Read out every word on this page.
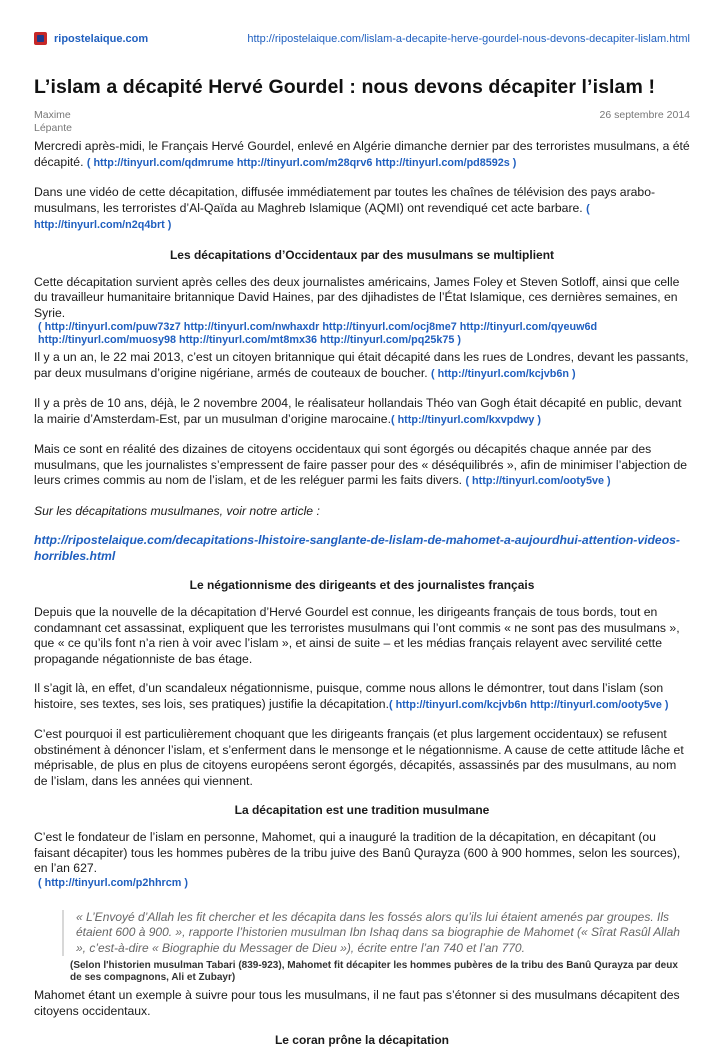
ripostelaique.com	http://ripostelaique.com/lislam-a-decapite-herve-gourdel-nous-devons-decapiter-lislam.html
L’islam a décapité Hervé Gourdel : nous devons décapiter l’islam !
Maxime Lépante
26 septembre 2014

Mercredi après-midi, le Français Hervé Gourdel, enlevé en Algérie dimanche dernier par des terroristes musulmans, a été décapité. ( http://tinyurl.com/qdmrume http://tinyurl.com/m28qrv6 http://tinyurl.com/pd8592s )

Dans une vidéo de cette décapitation, diffusée immédiatement par toutes les chaînes de télévision des pays arabo-musulmans, les terroristes d’Al-Qaïda au Maghreb Islamique (AQMI) ont revendiqué cet acte barbare. ( http://tinyurl.com/n2q4brt )

Les décapitations d’Occidentaux par des musulmans se multiplient

Cette décapitation survient après celles des deux journalistes américains, James Foley et Steven Sotloff, ainsi que celle du travailleur humanitaire britannique David Haines, par des djihadistes de l’État Islamique, ces dernières semaines, en Syrie.
( http://tinyurl.com/puw73z7 http://tinyurl.com/nwhaxdr http://tinyurl.com/ocj8me7 http://tinyurl.com/qyeuw6d
http://tinyurl.com/muosy98 http://tinyurl.com/mt8mx36 http://tinyurl.com/pq25k75 )

Il y a un an, le 22 mai 2013, c’est un citoyen britannique qui était décapité dans les rues de Londres, devant les passants, par deux musulmans d’origine nigériane, armés de couteaux de boucher. ( http://tinyurl.com/kcjvb6n )

Il y a près de 10 ans, déjà, le 2 novembre 2004, le réalisateur hollandais Théo van Gogh était décapité en public, devant la mairie d’Amsterdam-Est, par un musulman d’origine marocaine.( http://tinyurl.com/kxvpdwy )

Mais ce sont en réalité des dizaines de citoyens occidentaux qui sont égorgés ou décapités chaque année par des musulmans, que les journalistes s’empressent de faire passer pour des « déséquilibrés », afin de minimiser l’abjection de leurs crimes commis au nom de l’islam, et de les reléguer parmi les faits divers. ( http://tinyurl.com/ooty5ve )

Sur les décapitations musulmanes, voir notre article :

http://ripostelaique.com/decapitations-lhistoire-sanglante-de-lislam-de-mahomet-a-aujourdhui-attention-videos-horribles.html

Le négationnisme des dirigeants et des journalistes français

Depuis que la nouvelle de la décapitation d’Hervé Gourdel est connue, les dirigeants français de tous bords, tout en condamnant cet assassinat, expliquent que les terroristes musulmans qui l’ont commis « ne sont pas des musulmans », que « ce qu’ils font n’a rien à voir avec l’islam », et ainsi de suite – et les médias français relayent avec servilité cette propagande négationniste de bas étage.

Il s’agit là, en effet, d’un scandaleux négationnisme, puisque, comme nous allons le démontrer, tout dans l’islam (son histoire, ses textes, ses lois, ses pratiques) justifie la décapitation.( http://tinyurl.com/kcjvb6n http://tinyurl.com/ooty5ve )

C’est pourquoi il est particulièrement choquant que les dirigeants français (et plus largement occidentaux) se refusent obstinément à dénoncer l’islam, et s’enferment dans le mensonge et le négationnisme. A cause de cette attitude lâche et méprisable, de plus en plus de citoyens européens seront égorgés, décapités, assassinés par des musulmans, au nom de l’islam, dans les années qui viennent.

La décapitation est une tradition musulmane

C’est le fondateur de l’islam en personne, Mahomet, qui a inauguré la tradition de la décapitation, en décapitant (ou faisant décapiter) tous les hommes pubères de la tribu juive des Banû Qurayza (600 à 900 hommes, selon les sources), en l’an 627.
( http://tinyurl.com/p2hhrcm )

« L’Envoyé d’Allah les fit chercher et les décapita dans les fossés alors qu’ils lui étaient amenés par groupes. Ils étaient 600 à 900. », rapporte l’historien musulman Ibn Ishaq dans sa biographie de Mahomet (« Sîrat Rasûl Allah », c’est-à-dire « Biographie du Messager de Dieu »), écrite entre l’an 740 et l’an 770.
(Selon l'historien musulman Tabari (839-923), Mahomet fit décapiter les hommes pubères de la tribu des Banû Qurayza par deux de ses compagnons, Ali et Zubayr)

Mahomet étant un exemple à suivre pour tous les musulmans, il ne faut pas s’étonner si des musulmans décapitent des citoyens occidentaux.

Le coran prône la décapitation
